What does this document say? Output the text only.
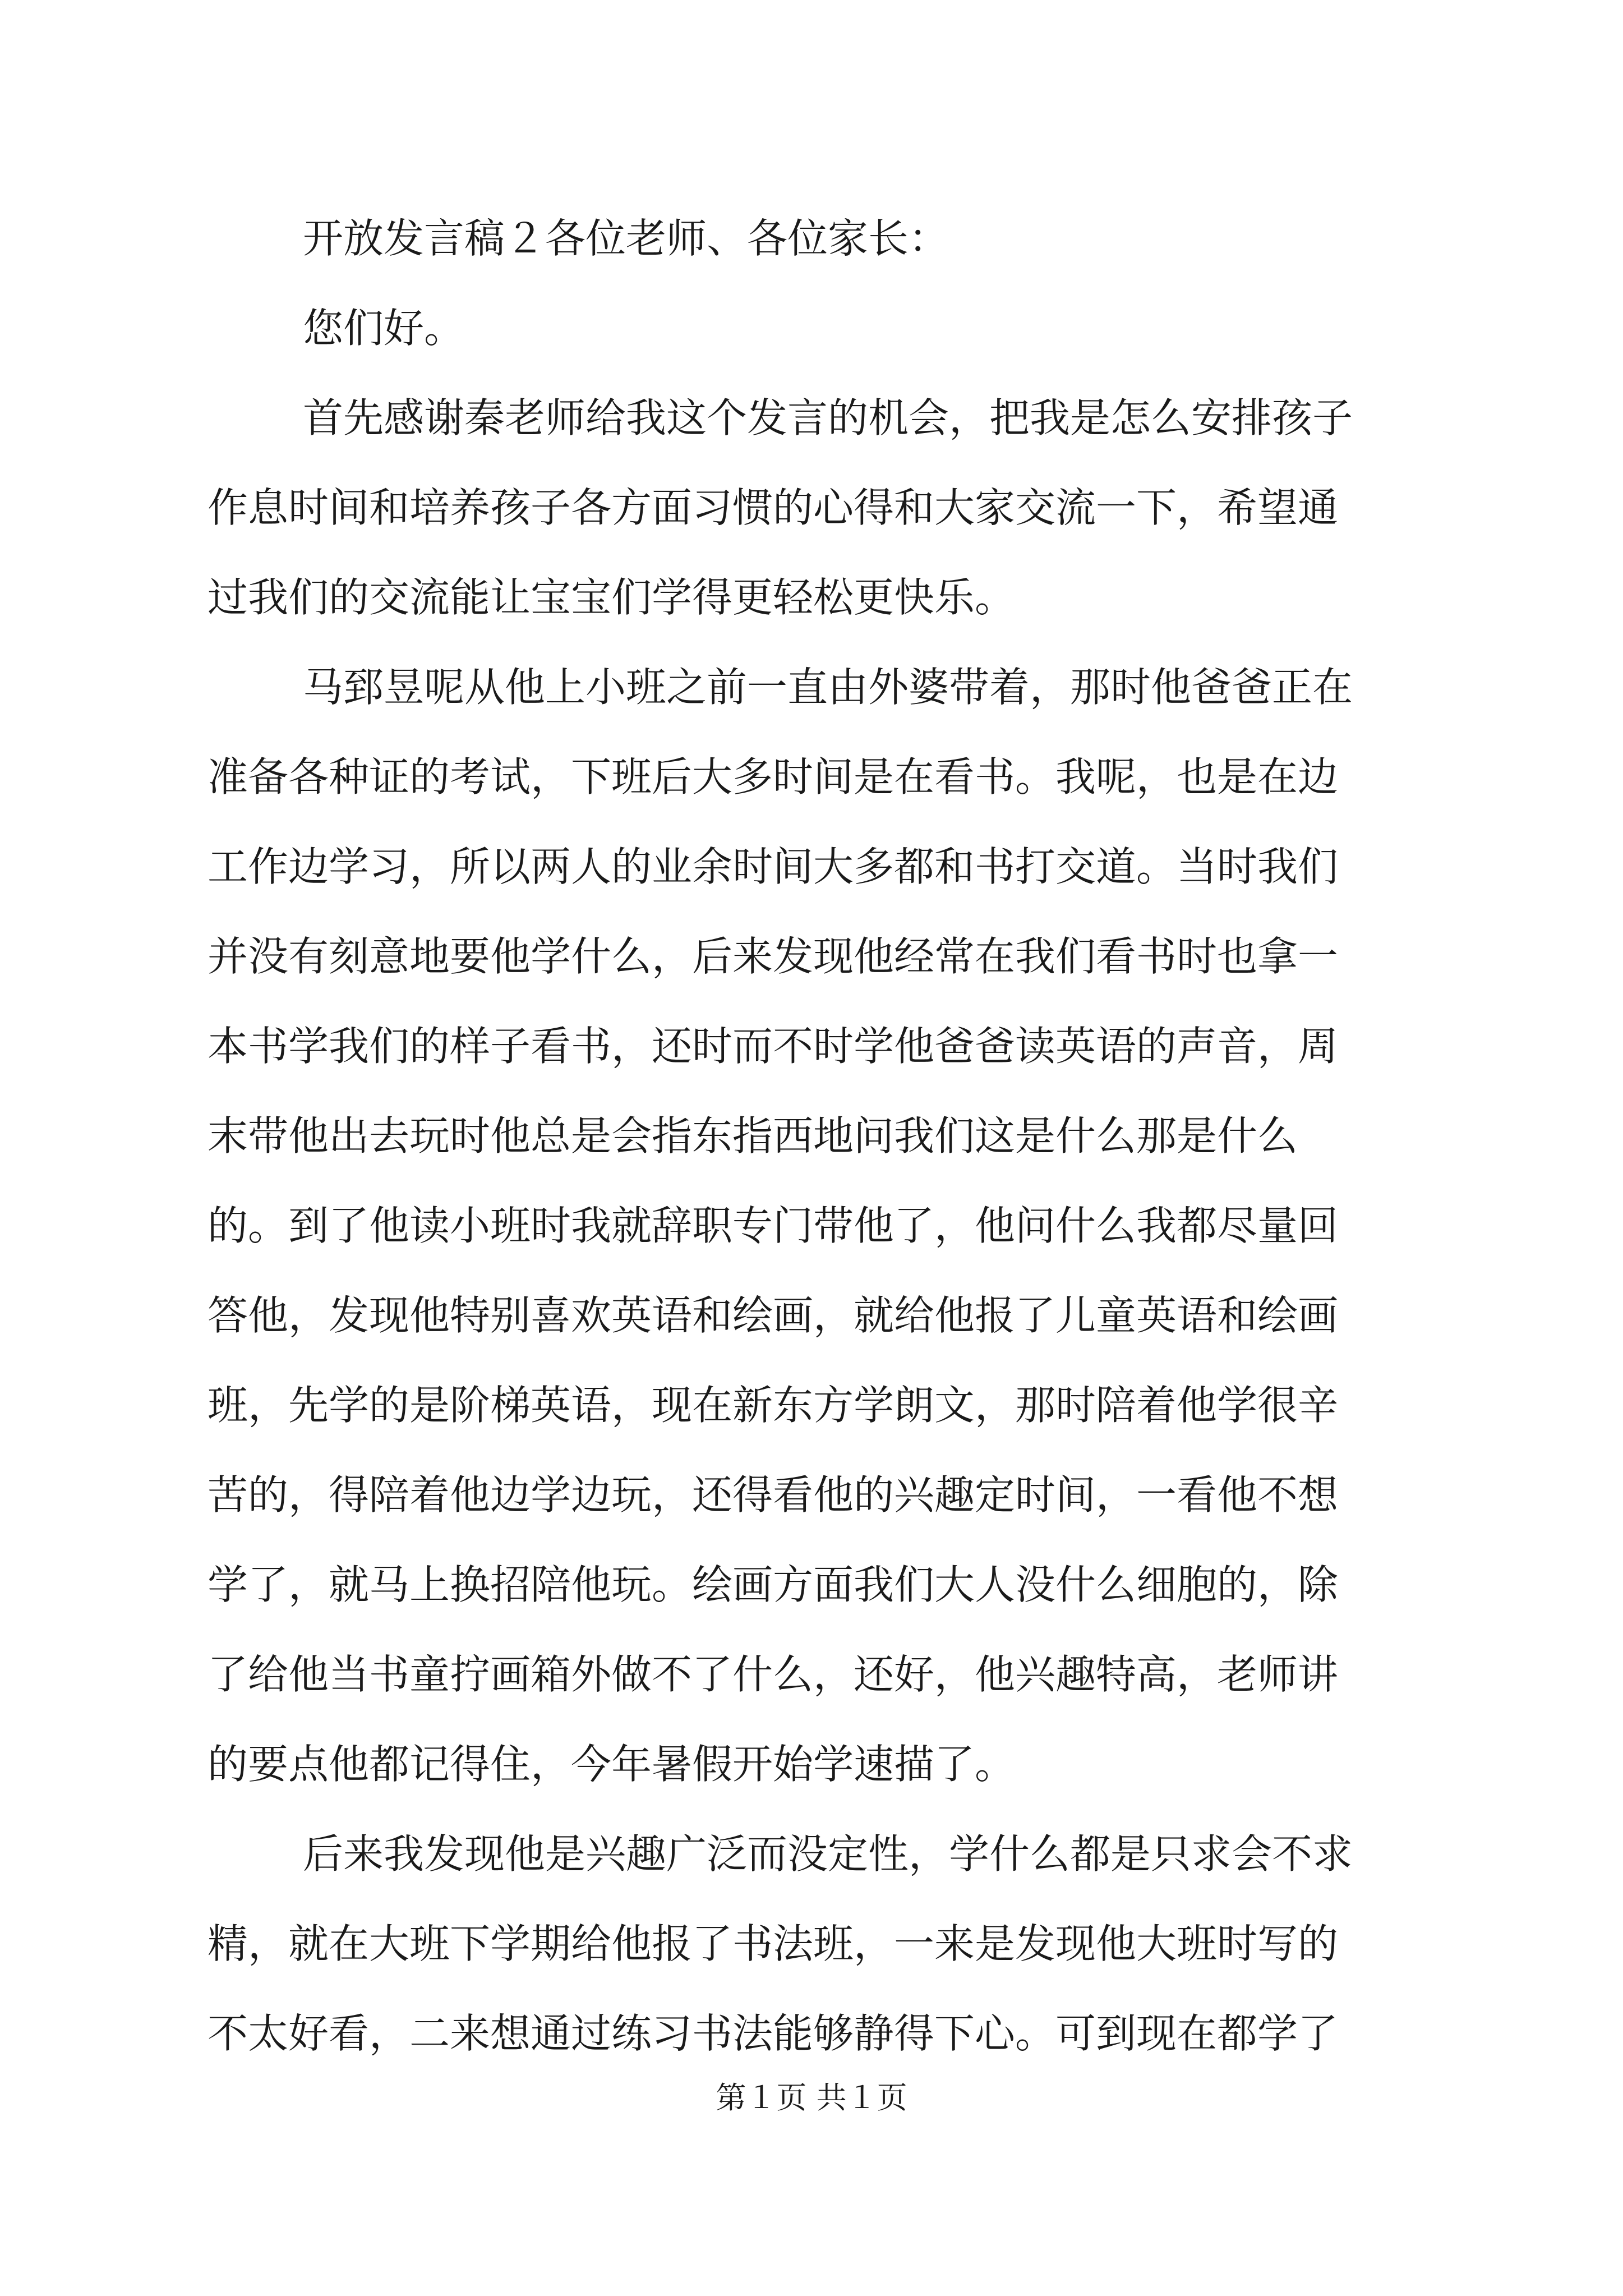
开放发言稿２各位老师、各位家长：
您们好。
首先感谢秦老师给我这个发言的机会，把我是怎么安排孩子
作息时间和培养孩子各方面习惯的心得和大家交流一下，希望通
过我们的交流能让宝宝们学得更轻松更快乐。
马郅昱呢从他上小班之前一直由外婆带着，那时他爸爸正在
准备各种证的考试，下班后大多时间是在看书。我呢，也是在边
工作边学习，所以两人的业余时间大多都和书打交道。当时我们
并没有刻意地要他学什么，后来发现他经常在我们看书时也拿一
本书学我们的样子看书，还时而不时学他爸爸读英语的声音，周
末带他出去玩时他总是会指东指西地问我们这是什么那是什么
的。到了他读小班时我就辞职专门带他了，他问什么我都尽量回
答他，发现他特别喜欢英语和绘画，就给他报了儿童英语和绘画
班，先学的是阶梯英语，现在新东方学朗文，那时陪着他学很辛
苦的，得陪着他边学边玩，还得看他的兴趣定时间，一看他不想
学了，就马上换招陪他玩。绘画方面我们大人没什么细胞的，除
了给他当书童拧画箱外做不了什么，还好，他兴趣特高，老师讲
的要点他都记得住，今年暑假开始学速描了。
后来我发现他是兴趣广泛而没定性，学什么都是只求会不求
精，就在大班下学期给他报了书法班，一来是发现他大班时写的
不太好看，二来想通过练习书法能够静得下心。可到现在都学了
第１页 共１页
